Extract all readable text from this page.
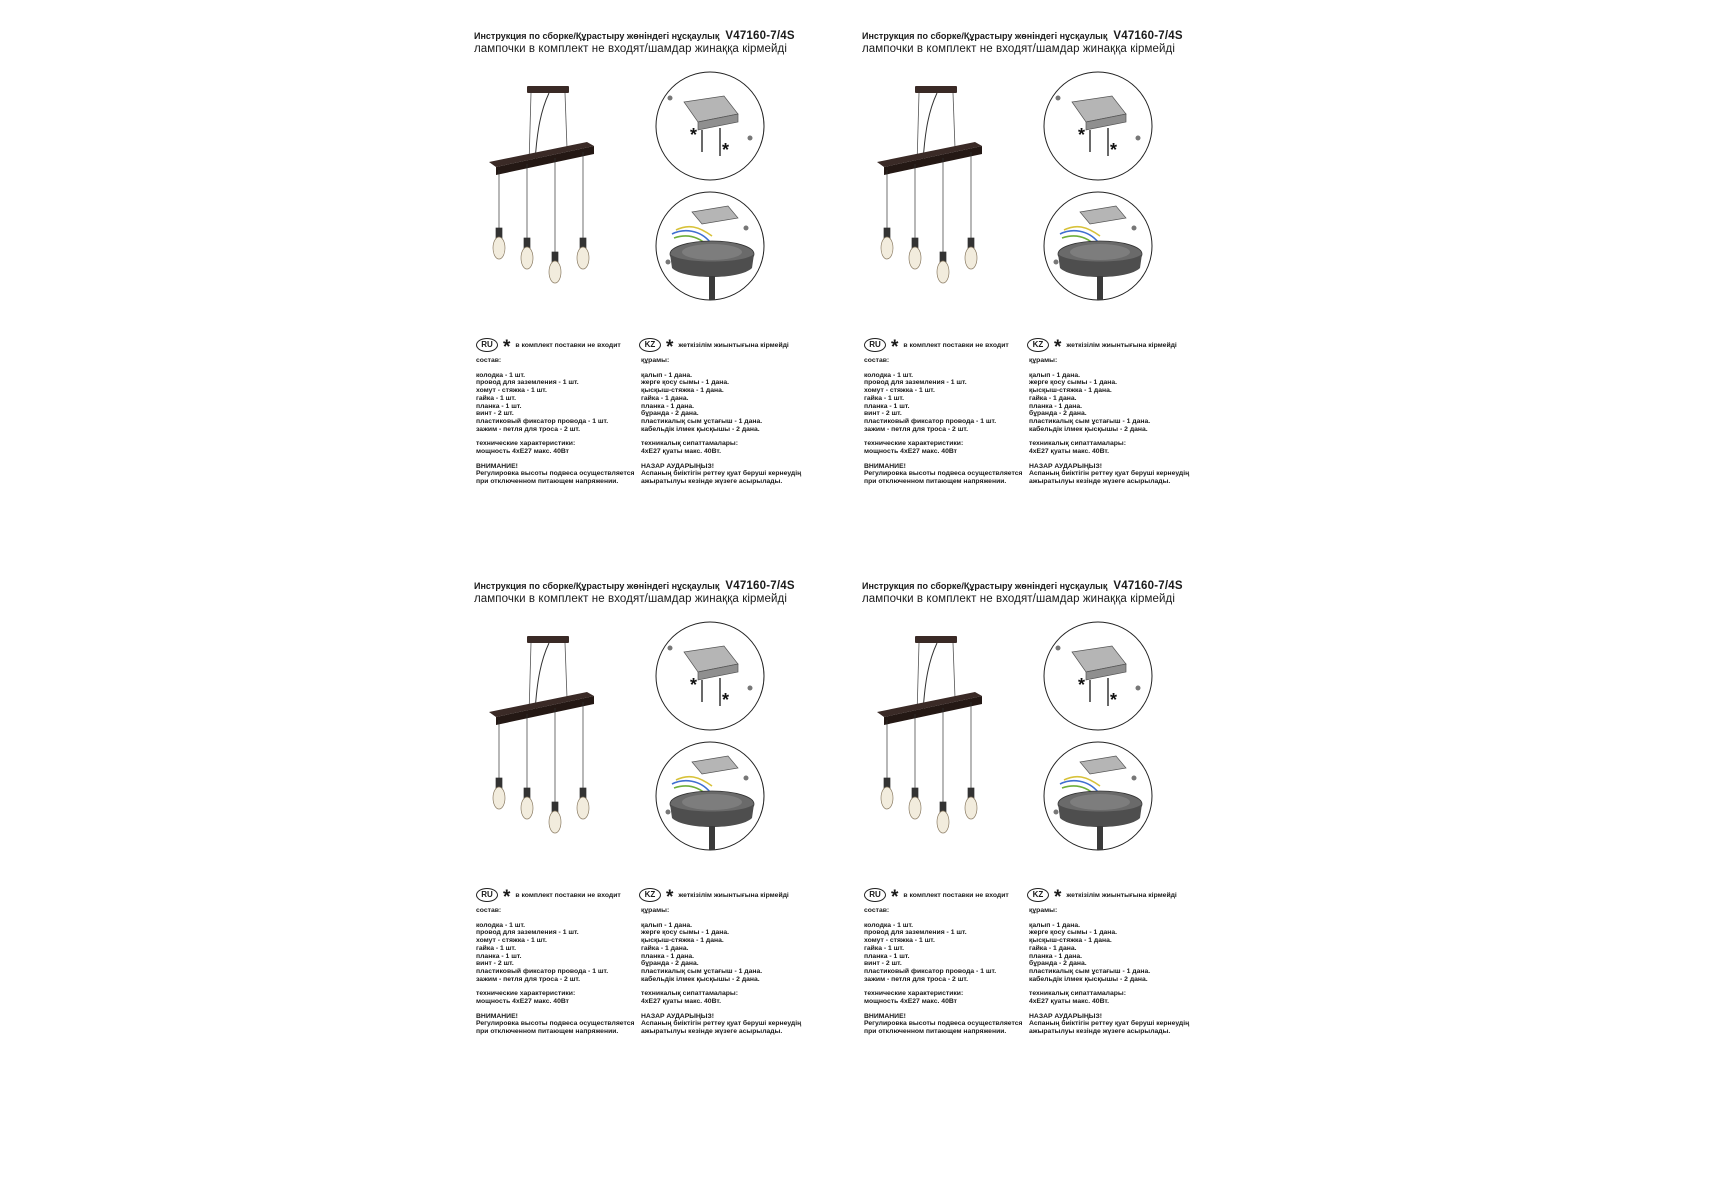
Инструкция по сборке/Құрастыру жөніндегі нұсқаулық V47160-7/4S
лампочки в комплект не входят/шамдар жинаққа кірмейді
*
*
RU * в комплект поставки не входит	KZ * жеткізілім жиынтығына кірмейді
состав:
колодка - 1 шт.
провод для заземления - 1 шт.
хомут - стяжка - 1 шт.
гайка - 1 шт.
планка - 1 шт.
винт - 2 шт.
пластиковый фиксатор провода - 1 шт.
зажим - петля для троса - 2 шт.
технические характеристики:
мощность 4хЕ27 макс. 40Вт
ВНИМАНИЕ!
Регулировка высоты подвеса осуществляется
при отключенном питающем напряжении.
құрамы:
қалып - 1 дана.
жерге қосу сымы - 1 дана.
қысқыш-стяжка - 1 дана.
гайка - 1 дана.
планка - 1 дана.
бұранда - 2 дана.
пластикалық сым ұстағыш - 1 дана.
кабельдік ілмек қысқышы - 2 дана.
техникалық сипаттамалары:
4хЕ27 қуаты макс. 40Вт.
НАЗАР АУДАРЫҢЫЗ!
Аспаның биіктігін реттеу қуат беруші кернеудің
ажыратылуы кезінде жүзеге асырылады.
Инструкция по сборке/Құрастыру жөніндегі нұсқаулық V47160-7/4S
лампочки в комплект не входят/шамдар жинаққа кірмейді
*
*
RU * в комплект поставки не входит	KZ * жеткізілім жиынтығына кірмейді
состав:
колодка - 1 шт.
провод для заземления - 1 шт.
хомут - стяжка - 1 шт.
гайка - 1 шт.
планка - 1 шт.
винт - 2 шт.
пластиковый фиксатор провода - 1 шт.
зажим - петля для троса - 2 шт.
технические характеристики:
мощность 4хЕ27 макс. 40Вт
ВНИМАНИЕ!
Регулировка высоты подвеса осуществляется
при отключенном питающем напряжении.
құрамы:
қалып - 1 дана.
жерге қосу сымы - 1 дана.
қысқыш-стяжка - 1 дана.
гайка - 1 дана.
планка - 1 дана.
бұранда - 2 дана.
пластикалық сым ұстағыш - 1 дана.
кабельдік ілмек қысқышы - 2 дана.
техникалық сипаттамалары:
4хЕ27 қуаты макс. 40Вт.
НАЗАР АУДАРЫҢЫЗ!
Аспаның биіктігін реттеу қуат беруші кернеудің
ажыратылуы кезінде жүзеге асырылады.
Инструкция по сборке/Құрастыру жөніндегі нұсқаулық V47160-7/4S
лампочки в комплект не входят/шамдар жинаққа кірмейді
*
*
RU * в комплект поставки не входит	KZ * жеткізілім жиынтығына кірмейді
состав:
колодка - 1 шт.
провод для заземления - 1 шт.
хомут - стяжка - 1 шт.
гайка - 1 шт.
планка - 1 шт.
винт - 2 шт.
пластиковый фиксатор провода - 1 шт.
зажим - петля для троса - 2 шт.
технические характеристики:
мощность 4хЕ27 макс. 40Вт
ВНИМАНИЕ!
Регулировка высоты подвеса осуществляется
при отключенном питающем напряжении.
құрамы:
қалып - 1 дана.
жерге қосу сымы - 1 дана.
қысқыш-стяжка - 1 дана.
гайка - 1 дана.
планка - 1 дана.
бұранда - 2 дана.
пластикалық сым ұстағыш - 1 дана.
кабельдік ілмек қысқышы - 2 дана.
техникалық сипаттамалары:
4хЕ27 қуаты макс. 40Вт.
НАЗАР АУДАРЫҢЫЗ!
Аспаның биіктігін реттеу қуат беруші кернеудің
ажыратылуы кезінде жүзеге асырылады.
Инструкция по сборке/Құрастыру жөніндегі нұсқаулық V47160-7/4S
лампочки в комплект не входят/шамдар жинаққа кірмейді
*
*
RU * в комплект поставки не входит	KZ * жеткізілім жиынтығына кірмейді
состав:
колодка - 1 шт.
провод для заземления - 1 шт.
хомут - стяжка - 1 шт.
гайка - 1 шт.
планка - 1 шт.
винт - 2 шт.
пластиковый фиксатор провода - 1 шт.
зажим - петля для троса - 2 шт.
технические характеристики:
мощность 4хЕ27 макс. 40Вт
ВНИМАНИЕ!
Регулировка высоты подвеса осуществляется
при отключенном питающем напряжении.
құрамы:
қалып - 1 дана.
жерге қосу сымы - 1 дана.
қысқыш-стяжка - 1 дана.
гайка - 1 дана.
планка - 1 дана.
бұранда - 2 дана.
пластикалық сым ұстағыш - 1 дана.
кабельдік ілмек қысқышы - 2 дана.
техникалық сипаттамалары:
4хЕ27 қуаты макс. 40Вт.
НАЗАР АУДАРЫҢЫЗ!
Аспаның биіктігін реттеу қуат беруші кернеудің
ажыратылуы кезінде жүзеге асырылады.
